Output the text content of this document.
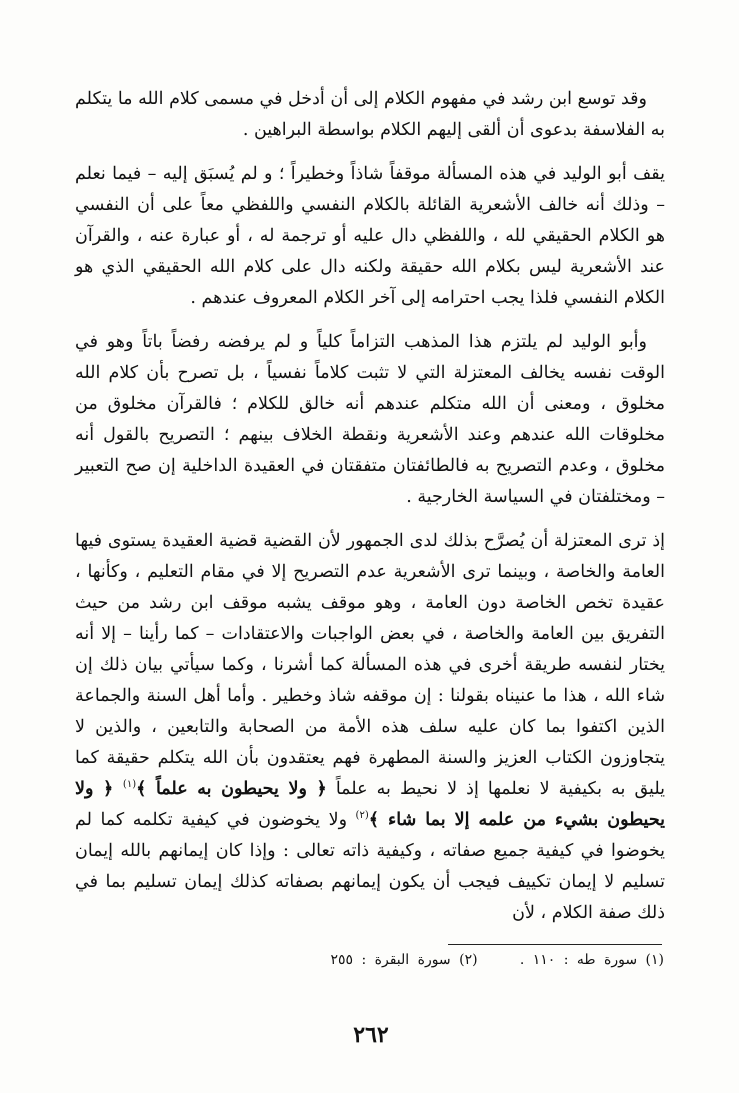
وقد توسع ابن رشد في مفهوم الكلام إلى أن أدخل في مسمى كلام الله ما يتكلم به الفلاسفة بدعوى أن ألقى إليهم الكلام بواسطة البراهين .

يقف أبو الوليد في هذه المسألة موقفاً شاذاً وخطيراً ؛ و لم يُسبَق إليه – فيما نعلم – وذلك أنه خالف الأشعرية القائلة بالكلام النفسي واللفظي معاً على أن النفسي هو الكلام الحقيقي لله ، واللفظي دال عليه أو ترجمة له ، أو عبارة عنه ، والقرآن عند الأشعرية ليس بكلام الله حقيقة ولكنه دال على كلام الله الحقيقي الذي هو الكلام النفسي فلذا يجب احترامه إلى آخر الكلام المعروف عندهم .

وأبو الوليد لم يلتزم هذا المذهب التزاماً كلياً و لم يرفضه رفضاً باتاً وهو في الوقت نفسه يخالف المعتزلة التي لا تثبت كلاماً نفسياً ، بل تصرح بأن كلام الله مخلوق ، ومعنى أن الله متكلم عندهم أنه خالق للكلام ؛ فالقرآن مخلوق من مخلوقات الله عندهم وعند الأشعرية ونقطة الخلاف بينهم ؛ التصريح بالقول أنه مخلوق ، وعدم التصريح به فالطائفتان متفقتان في العقيدة الداخلية إن صح التعبير – ومختلفتان في السياسة الخارجية .

إذ ترى المعتزلة أن يُصرَّح بذلك لدى الجمهور لأن القضية قضية العقيدة يستوى فيها العامة والخاصة ، وبينما ترى الأشعرية عدم التصريح إلا في مقام التعليم ، وكأنها ، عقيدة تخص الخاصة دون العامة ، وهو موقف يشبه موقف ابن رشد من حيث التفريق بين العامة والخاصة ، في بعض الواجبات والاعتقادات – كما رأينا – إلا أنه يختار لنفسه طريقة أخرى في هذه المسألة كما أشرنا ، وكما سيأتي بيان ذلك إن شاء الله ، هذا ما عنيناه بقولنا : إن موقفه شاذ وخطير . وأما أهل السنة والجماعة الذين اكتفوا بما كان عليه سلف هذه الأمة من الصحابة والتابعين ، والذين لا يتجاوزون الكتاب العزيز والسنة المطهرة فهم يعتقدون بأن الله يتكلم حقيقة كما يليق به بكيفية لا نعلمها إذ لا نحيط به علماً ﴿ ولا يحيطون به علماً ﴾$^{(١)}$ ﴿ ولا يحيطون بشيء من علمه إلا بما شاء ﴾$^{(٢)}$ ولا يخوضون في كيفية تكلمه كما لم يخوضوا في كيفية جميع صفاته ، وكيفية ذاته تعالى : وإذا كان إيمانهم بالله إيمان تسليم لا إيمان تكييف فيجب أن يكون إيمانهم بصفاته كذلك إيمان تسليم بما في ذلك صفة الكلام ، لأن

(١) سورة طه : ١١٠ .     (٢) سورة البقرة : ٢٥٥
٢٦٢
